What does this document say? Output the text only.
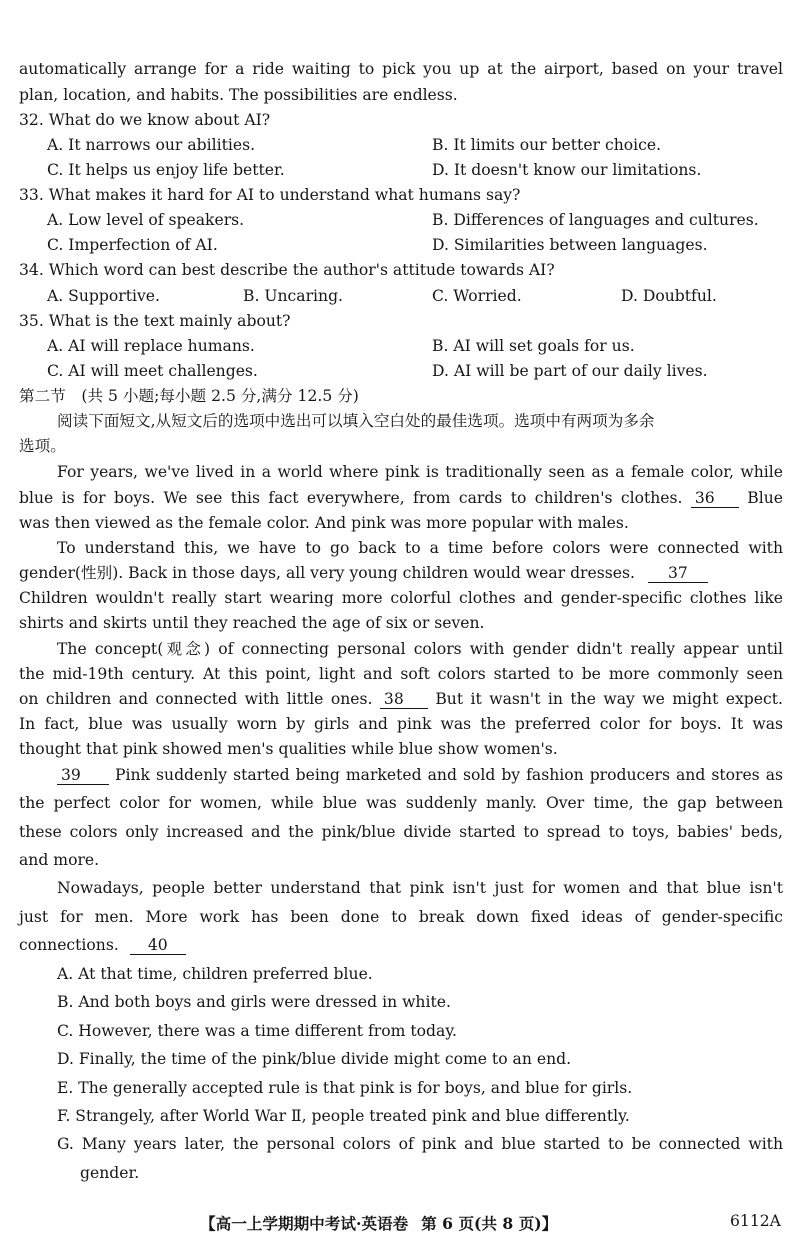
automatically arrange for a ride waiting to pick you up at the airport, based on your travel
plan, location, and habits. The possibilities are endless.
32. What do we know about AI?
A. It narrows our abilities.	B. It limits our better choice.
C. It helps us enjoy life better.	D. It doesn't know our limitations.
33. What makes it hard for AI to understand what humans say?
A. Low level of speakers.	B. Differences of languages and cultures.
C. Imperfection of AI.	D. Similarities between languages.
34. Which word can best describe the author's attitude towards AI?
A. Supportive.	B. Uncaring.	C. Worried.	D. Doubtful.
35. What is the text mainly about?
A. AI will replace humans.	B. AI will set goals for us.
C. AI will meet challenges.	D. AI will be part of our daily lives.
第二节　(共 5 小题;每小题 2.5 分,满分 12.5 分)
阅读下面短文,从短文后的选项中选出可以填入空白处的最佳选项。选项中有两项为多余
选项。
For years, we've lived in a world where pink is traditionally seen as a female color, while
blue is for boys. We see this fact everywhere, from cards to children's clothes. 36 Blue
was then viewed as the female color. And pink was more popular with males.
To understand this, we have to go back to a time before colors were connected with
gender(性别). Back in those days, all very young children would wear dresses. 37
Children wouldn't really start wearing more colorful clothes and gender-specific clothes like
shirts and skirts until they reached the age of six or seven.
The concept(观念) of connecting personal colors with gender didn't really appear until
the mid-19th century. At this point, light and soft colors started to be more commonly seen
on children and connected with little ones. 38 But it wasn't in the way we might expect.
In fact, blue was usually worn by girls and pink was the preferred color for boys. It was
thought that pink showed men's qualities while blue show women's.
39 Pink suddenly started being marketed and sold by fashion producers and stores as
the perfect color for women, while blue was suddenly manly. Over time, the gap between
these colors only increased and the pink/blue divide started to spread to toys, babies' beds,
and more.
Nowadays, people better understand that pink isn't just for women and that blue isn't
just for men. More work has been done to break down fixed ideas of gender-specific
connections. 40
A. At that time, children preferred blue.
B. And both boys and girls were dressed in white.
C. However, there was a time different from today.
D. Finally, the time of the pink/blue divide might come to an end.
E. The generally accepted rule is that pink is for boys, and blue for girls.
F. Strangely, after World War Ⅱ, people treated pink and blue differently.
G. Many years later, the personal colors of pink and blue started to be connected with
gender.
【高一上学期期中考试·英语卷 第 6 页(共 8 页)】	6112A
